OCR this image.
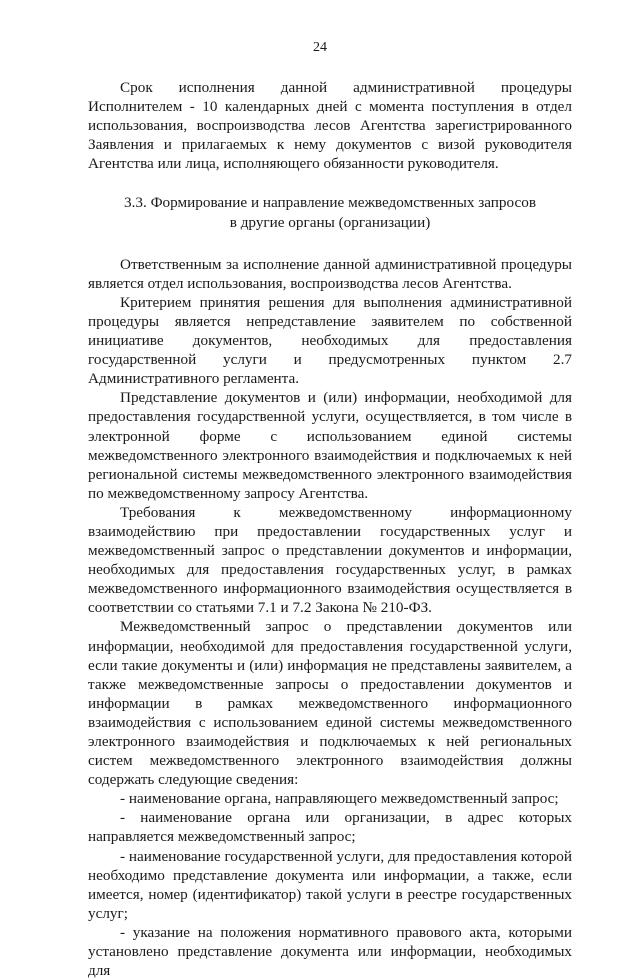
24

Срок исполнения данной административной процедуры Исполнителем - 10 календарных дней с момента поступления в отдел использования, воспроизводства лесов Агентства зарегистрированного Заявления и прилагаемых к нему документов с визой руководителя Агентства или лица, исполняющего обязанности руководителя.

3.3. Формирование и направление межведомственных запросов
в другие органы (организации)

Ответственным за исполнение данной административной процедуры является отдел использования, воспроизводства лесов Агентства.

Критерием принятия решения для выполнения административной процедуры является непредставление заявителем по собственной инициативе документов, необходимых для предоставления государственной услуги и предусмотренных пунктом 2.7 Административного регламента.

Представление документов и (или) информации, необходимой для предоставления государственной услуги, осуществляется, в том числе в электронной форме с использованием единой системы межведомственного электронного взаимодействия и подключаемых к ней региональной системы межведомственного электронного взаимодействия по межведомственному запросу Агентства.

Требования к межведомственному информационному взаимодействию при предоставлении государственных услуг и межведомственный запрос о представлении документов и информации, необходимых для предоставления государственных услуг, в рамках межведомственного информационного взаимодействия осуществляется в соответствии со статьями 7.1 и 7.2 Закона № 210-ФЗ.

Межведомственный запрос о представлении документов или информации, необходимой для предоставления государственной услуги, если такие документы и (или) информация не представлены заявителем, а также межведомственные запросы о предоставлении документов и информации в рамках межведомственного информационного взаимодействия с использованием единой системы межведомственного электронного взаимодействия и подключаемых к ней региональных систем межведомственного электронного взаимодействия должны содержать следующие сведения:

- наименование органа, направляющего межведомственный запрос;

- наименование органа или организации, в адрес которых направляется межведомственный запрос;

- наименование государственной услуги, для предоставления которой необходимо представление документа или информации, а также, если имеется, номер (идентификатор) такой услуги в реестре государственных услуг;

- указание на положения нормативного правового акта, которыми установлено представление документа или информации, необходимых для
